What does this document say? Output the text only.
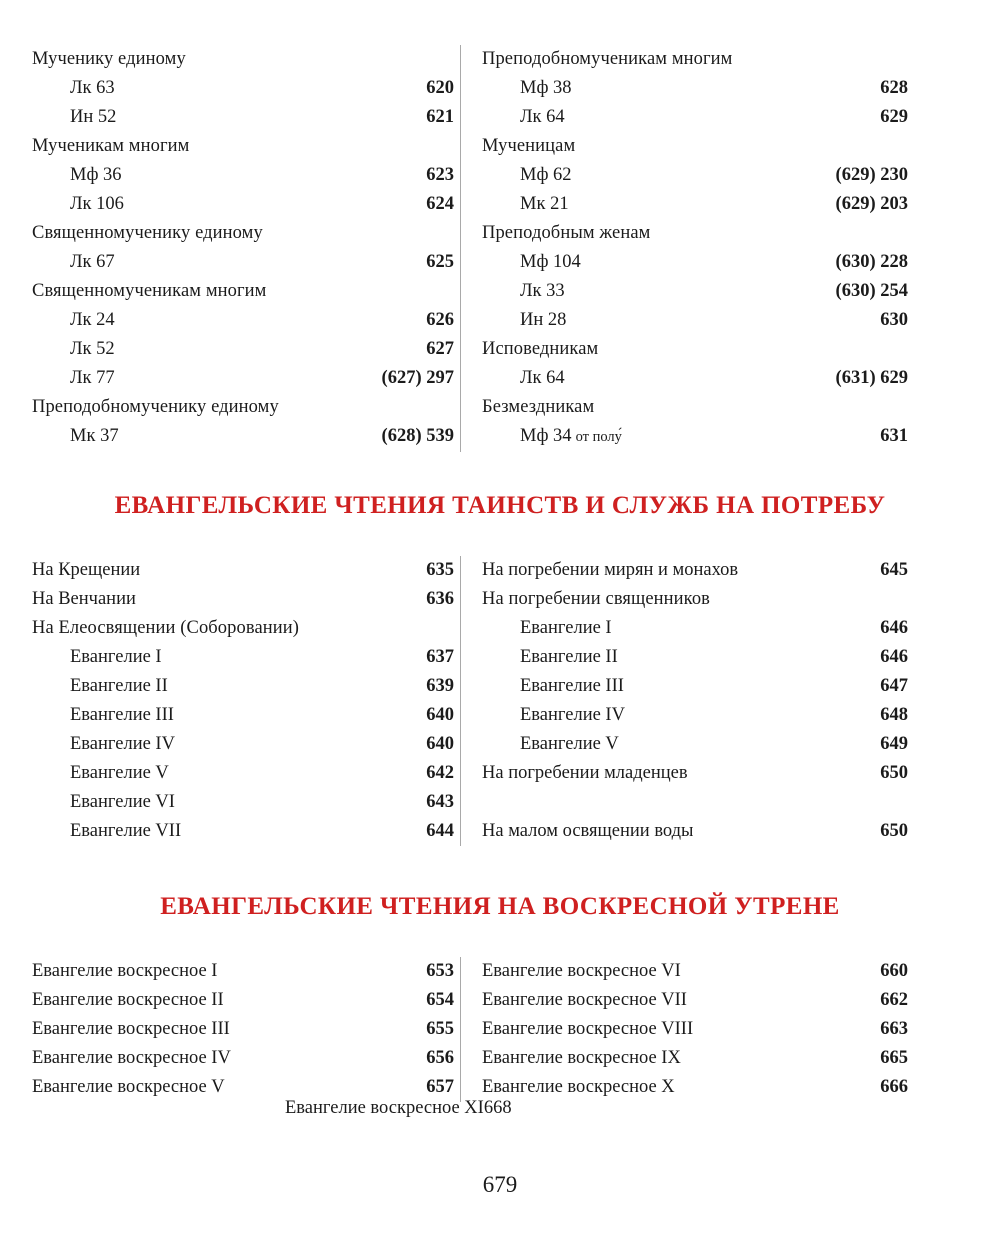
Мученику единому
Лк 63 .....	620
Ин 52 .....	621
Мученикам многим
Мф 36 .....	623
Лк 106 .....	624
Священномученику единому
Лк 67 .....	625
Священномученикам многим
Лк 24 .....	626
Лк 52 .....	627
Лк 77 .....	(627) 297
Преподобномученику единому
Мк 37 .....	(628) 539
Преподобномученикам многим
Мф 38 .....	628
Лк 64 .....	629
Мученицам
Мф 62 .....	(629) 230
Мк 21 .....	(629) 203
Преподобным женам
Мф 104 .....	(630) 228
Лк 33 .....	(630) 254
Ин 28 .....	630
Исповедникам
Лк 64 .....	(631) 629
Безмездникам
Мф 34 от полу́ .....	631
ЕВАНГЕЛЬСКИЕ ЧТЕНИЯ ТАИНСТВ И СЛУЖБ НА ПОТРЕБУ
На Крещении .....	635
На Венчании .....	636
На Елеосвящении (Соборовании)
Евангелие I .....	637
Евангелие II .....	639
Евангелие III .....	640
Евангелие IV .....	640
Евангелие V .....	642
Евангелие VI .....	643
Евангелие VII .....	644
На погребении мирян и монахов .....	645
На погребении священников
Евангелие I .....	646
Евангелие II .....	646
Евангелие III .....	647
Евангелие IV .....	648
Евангелие V .....	649
На погребении младенцев .....	650
На малом освящении воды .....	650
ЕВАНГЕЛЬСКИЕ ЧТЕНИЯ НА ВОСКРЕСНОЙ УТРЕНЕ
Евангелие воскресное I .....	653
Евангелие воскресное II .....	654
Евангелие воскресное III .....	655
Евангелие воскресное IV .....	656
Евангелие воскресное V .....	657
Евангелие воскресное VI .....	660
Евангелие воскресное VII .....	662
Евангелие воскресное VIII .....	663
Евангелие воскресное IX .....	665
Евангелие воскресное X .....	666
Евангелие воскресное XI 668
679
